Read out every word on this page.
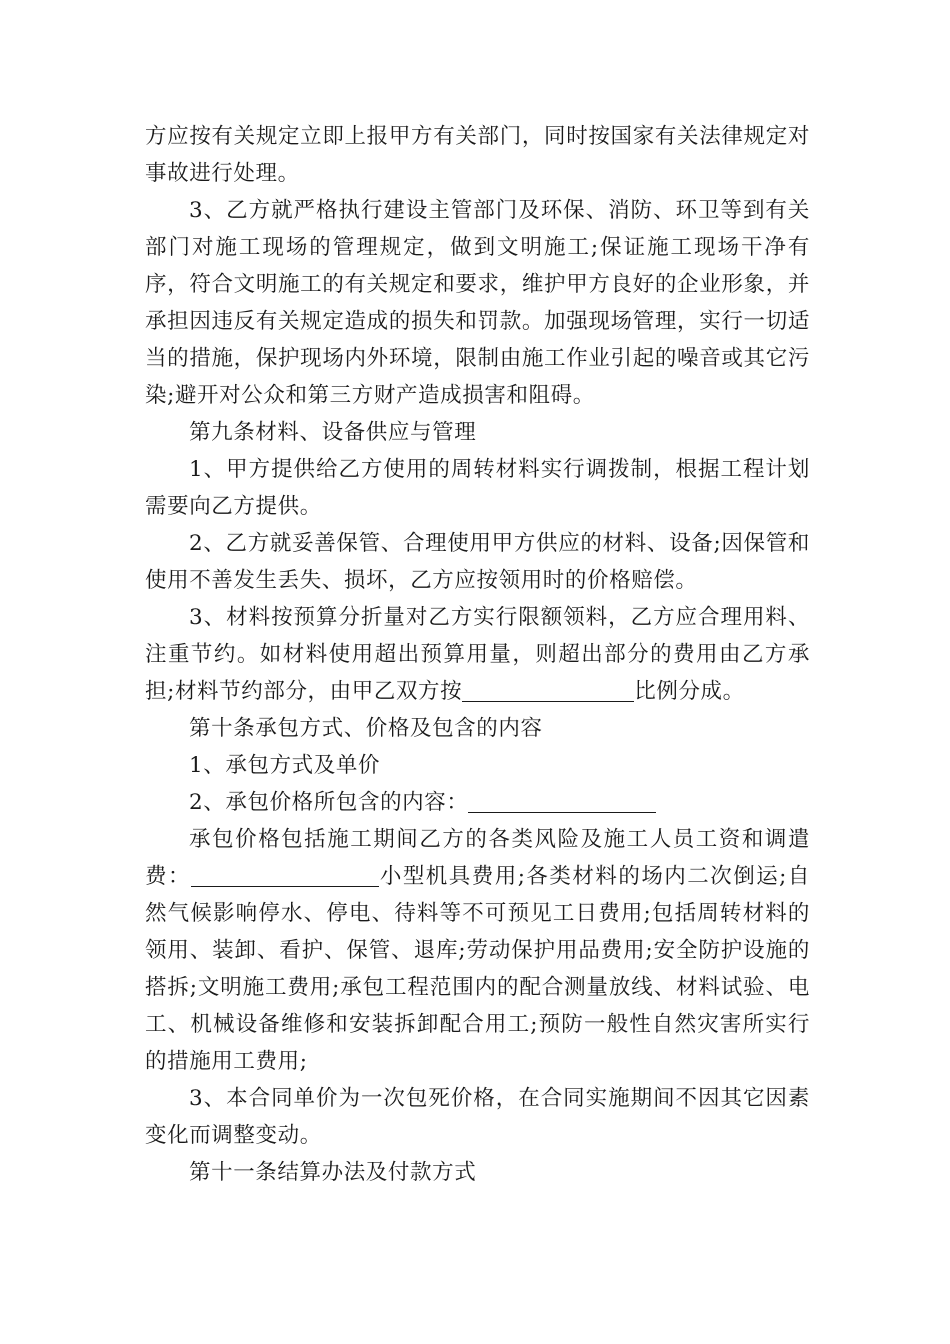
方应按有关规定立即上报甲方有关部门，同时按国家有关法律规定对事故进行处理。

3、乙方就严格执行建设主管部门及环保、消防、环卫等到有关部门对施工现场的管理规定，做到文明施工;保证施工现场干净有序，符合文明施工的有关规定和要求，维护甲方良好的企业形象，并承担因违反有关规定造成的损失和罚款。加强现场管理，实行一切适当的措施，保护现场内外环境，限制由施工作业引起的噪音或其它污染;避开对公众和第三方财产造成损害和阻碍。

第九条材料、设备供应与管理

1、甲方提供给乙方使用的周转材料实行调拨制，根据工程计划需要向乙方提供。

2、乙方就妥善保管、合理使用甲方供应的材料、设备;因保管和使用不善发生丢失、损坏，乙方应按领用时的价格赔偿。

3、材料按预算分折量对乙方实行限额领料，乙方应合理用料、注重节约。如材料使用超出预算用量，则超出部分的费用由乙方承担;材料节约部分，由甲乙双方按	比例分成。

第十条承包方式、价格及包含的内容

1、承包方式及单价

2、承包价格所包含的内容：

承包价格包括施工期间乙方的各类风险及施工人员工资和调遣费：	小型机具费用;各类材料的场内二次倒运;自然气候影响停水、停电、待料等不可预见工日费用;包括周转材料的领用、装卸、看护、保管、退库;劳动保护用品费用;安全防护设施的搭拆;文明施工费用;承包工程范围内的配合测量放线、材料试验、电工、机械设备维修和安装拆卸配合用工;预防一般性自然灾害所实行的措施用工费用;

3、本合同单价为一次包死价格，在合同实施期间不因其它因素变化而调整变动。

第十一条结算办法及付款方式
